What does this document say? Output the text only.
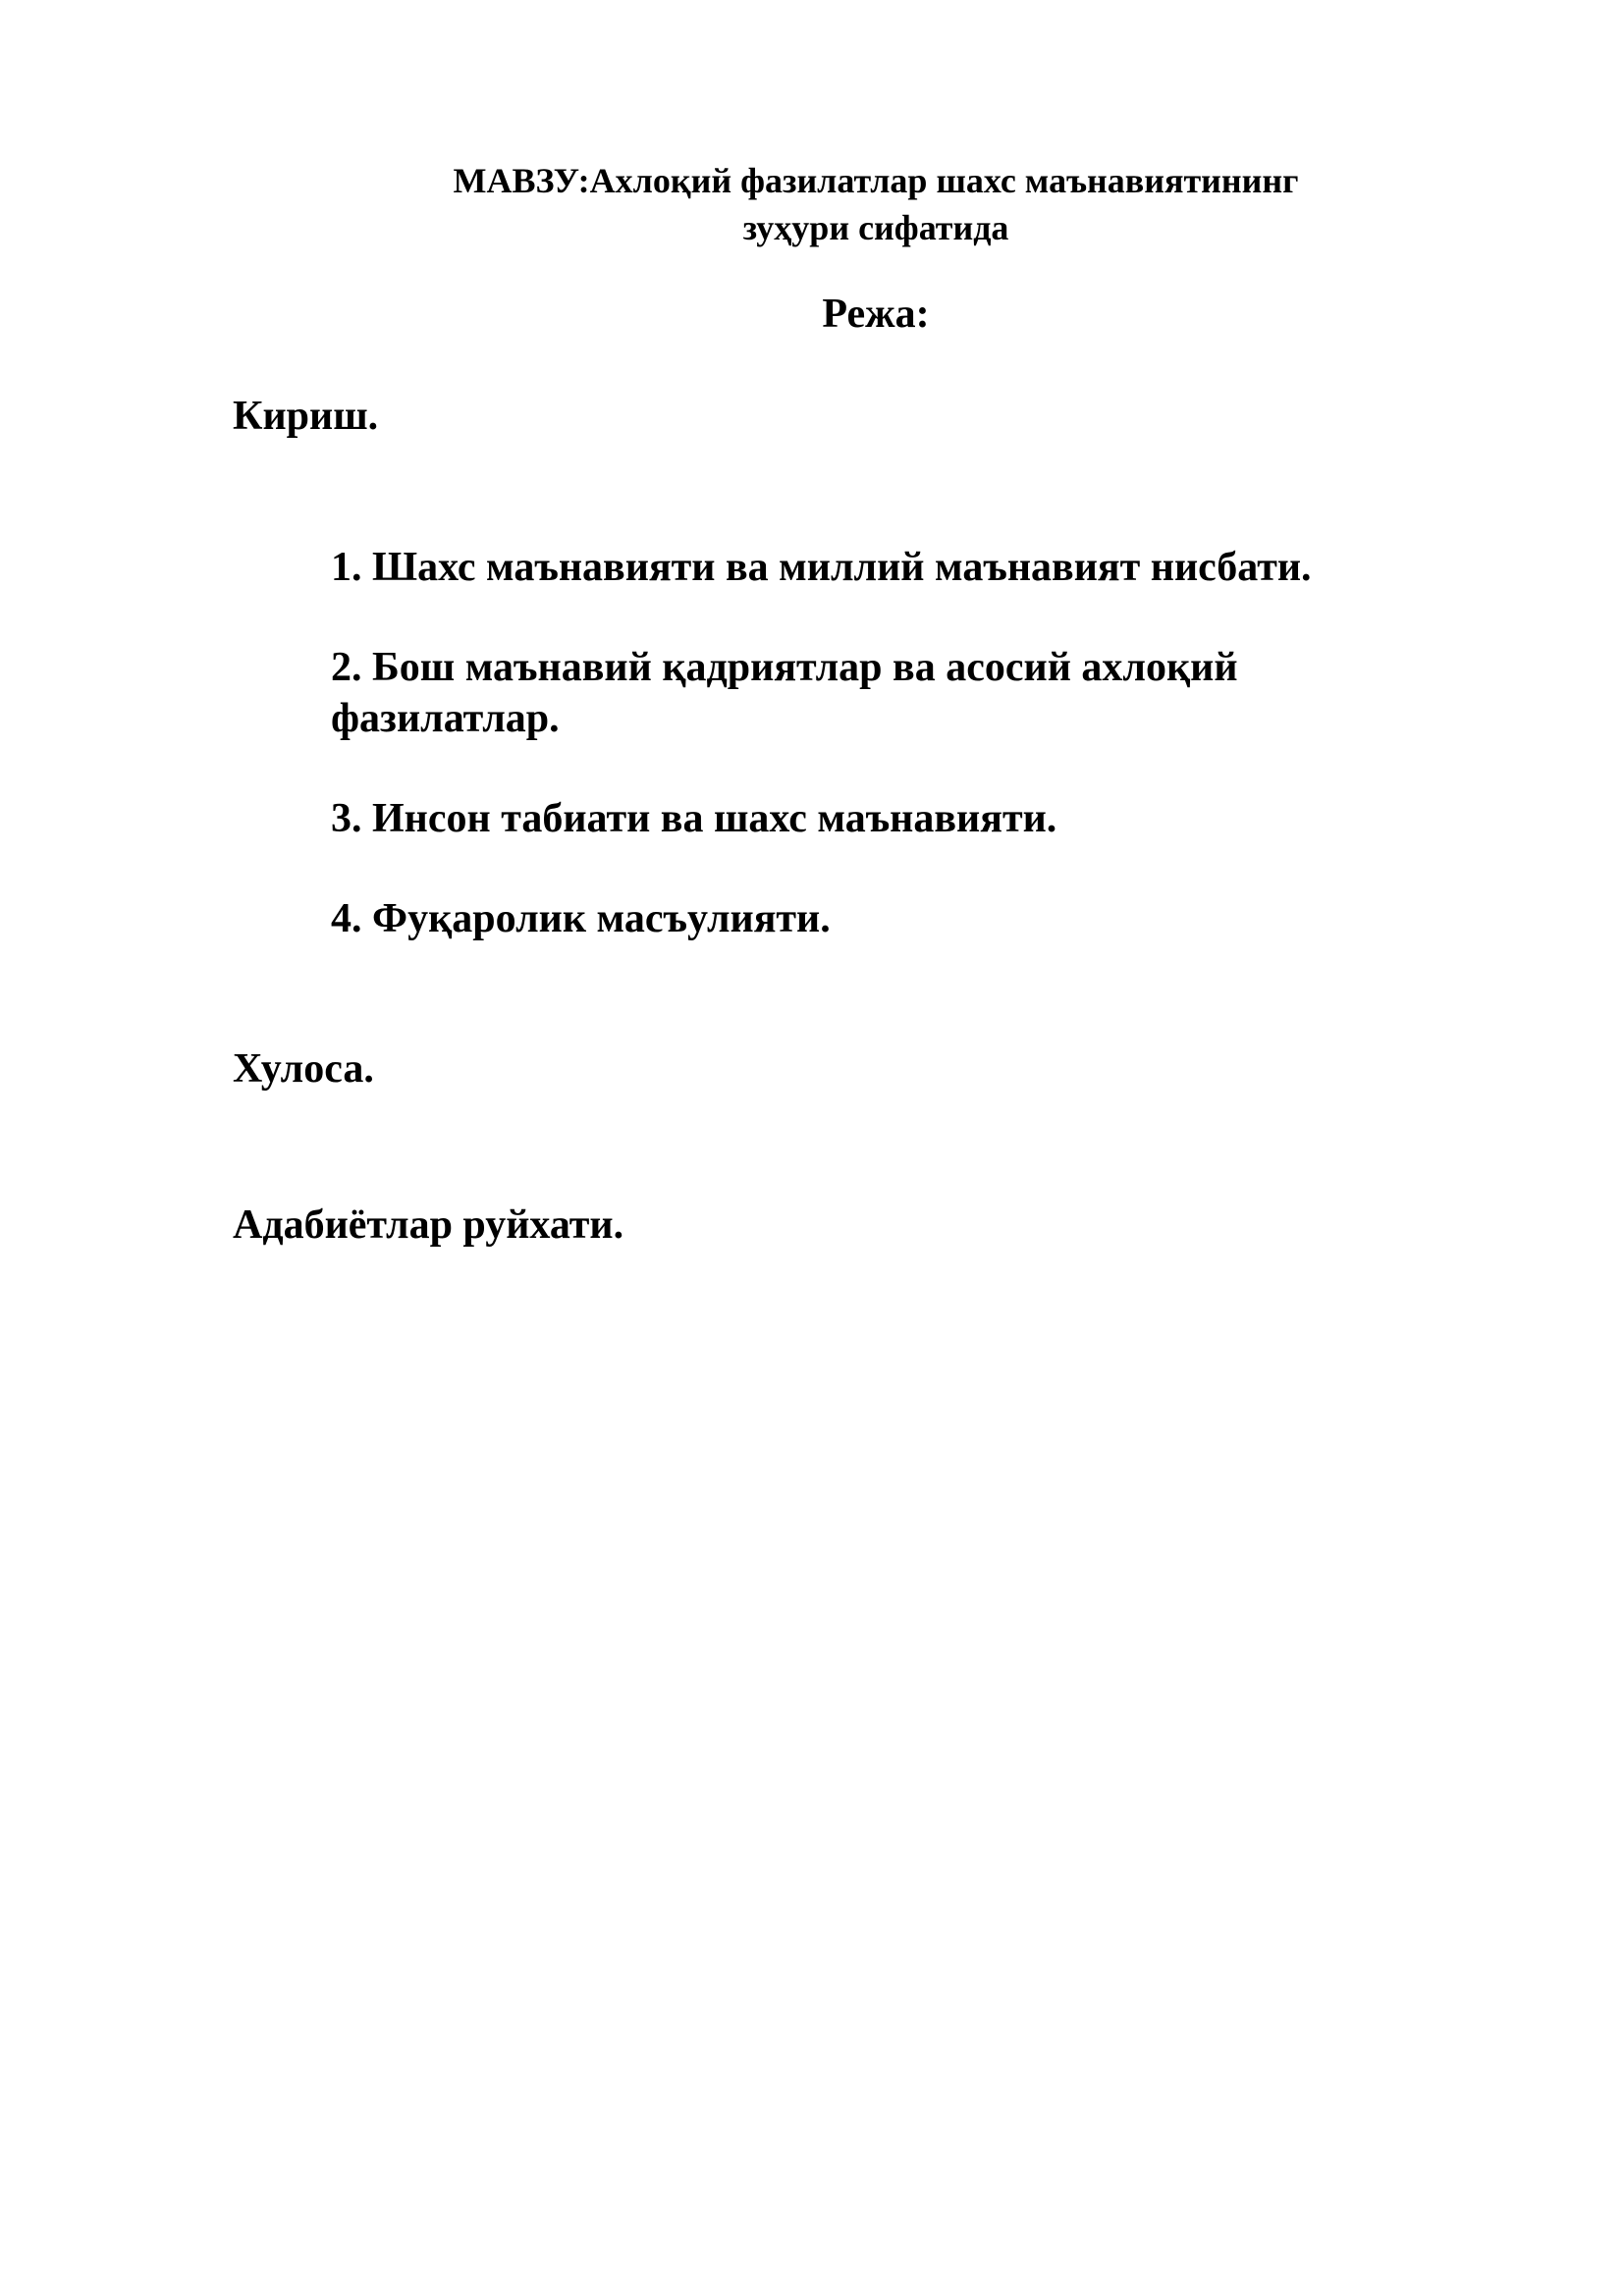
МАВЗУ:Ахлоқий фазилатлар шахс маънавиятининг
зуҳури сифатида
Режа:
Кириш.
1. Шахс маънавияти ва миллий маънавият нисбати.
2. Бош маънавий қадриятлар ва асосий ахлоқий фазилатлар.
3. Инсон табиати ва шахс маънавияти.
4. Фуқаролик масъулияти.
Хулоса.
Адабиётлар руйхати.
